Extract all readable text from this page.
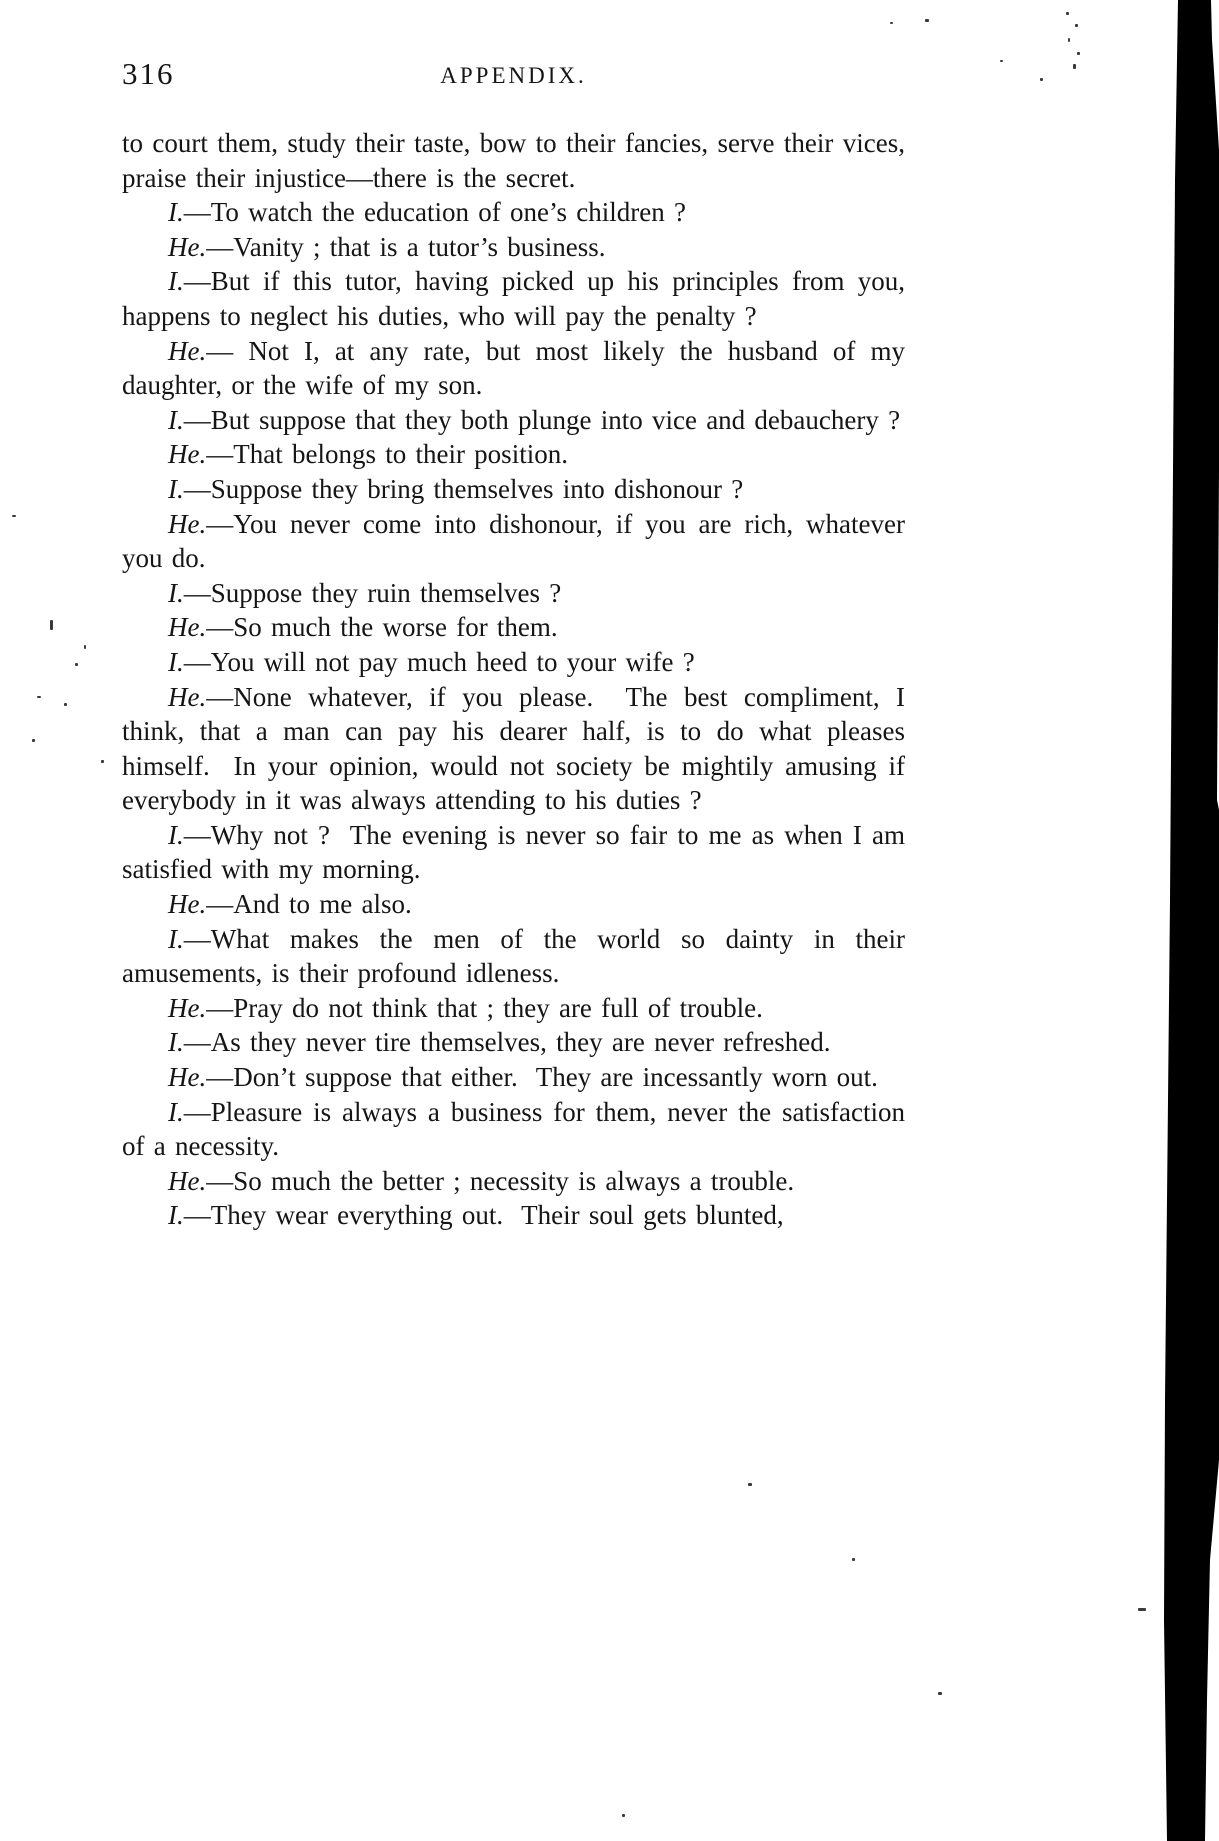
316	APPENDIX.

to court them, study their taste, bow to their fancies, serve their vices, praise their injustice—there is the secret.

I.—To watch the education of one’s children ?

He.—Vanity ; that is a tutor’s business.

I.—But if this tutor, having picked up his principles from you, happens to neglect his duties, who will pay the penalty ?

He.— Not I, at any rate, but most likely the husband of my daughter, or the wife of my son.

I.—But suppose that they both plunge into vice and debauchery ?

He.—That belongs to their position.

I.—Suppose they bring themselves into dishonour ?

He.—You never come into dishonour, if you are rich, whatever you do.

I.—Suppose they ruin themselves ?

He.—So much the worse for them.

I.—You will not pay much heed to your wife ?

He.—None whatever, if you please.  The best compliment, I think, that a man can pay his dearer half, is to do what pleases himself.  In your opinion, would not society be mightily amusing if everybody in it was always attending to his duties ?

I.—Why not ?  The evening is never so fair to me as when I am satisfied with my morning.

He.—And to me also.

I.—What makes the men of the world so dainty in their amusements, is their profound idleness.

He.—Pray do not think that ; they are full of trouble.

I.—As they never tire themselves, they are never refreshed.

He.—Don’t suppose that either.  They are incessantly worn out.

I.—Pleasure is always a business for them, never the satisfaction of a necessity.

He.—So much the better ; necessity is always a trouble.

I.—They wear everything out.  Their soul gets blunted,
